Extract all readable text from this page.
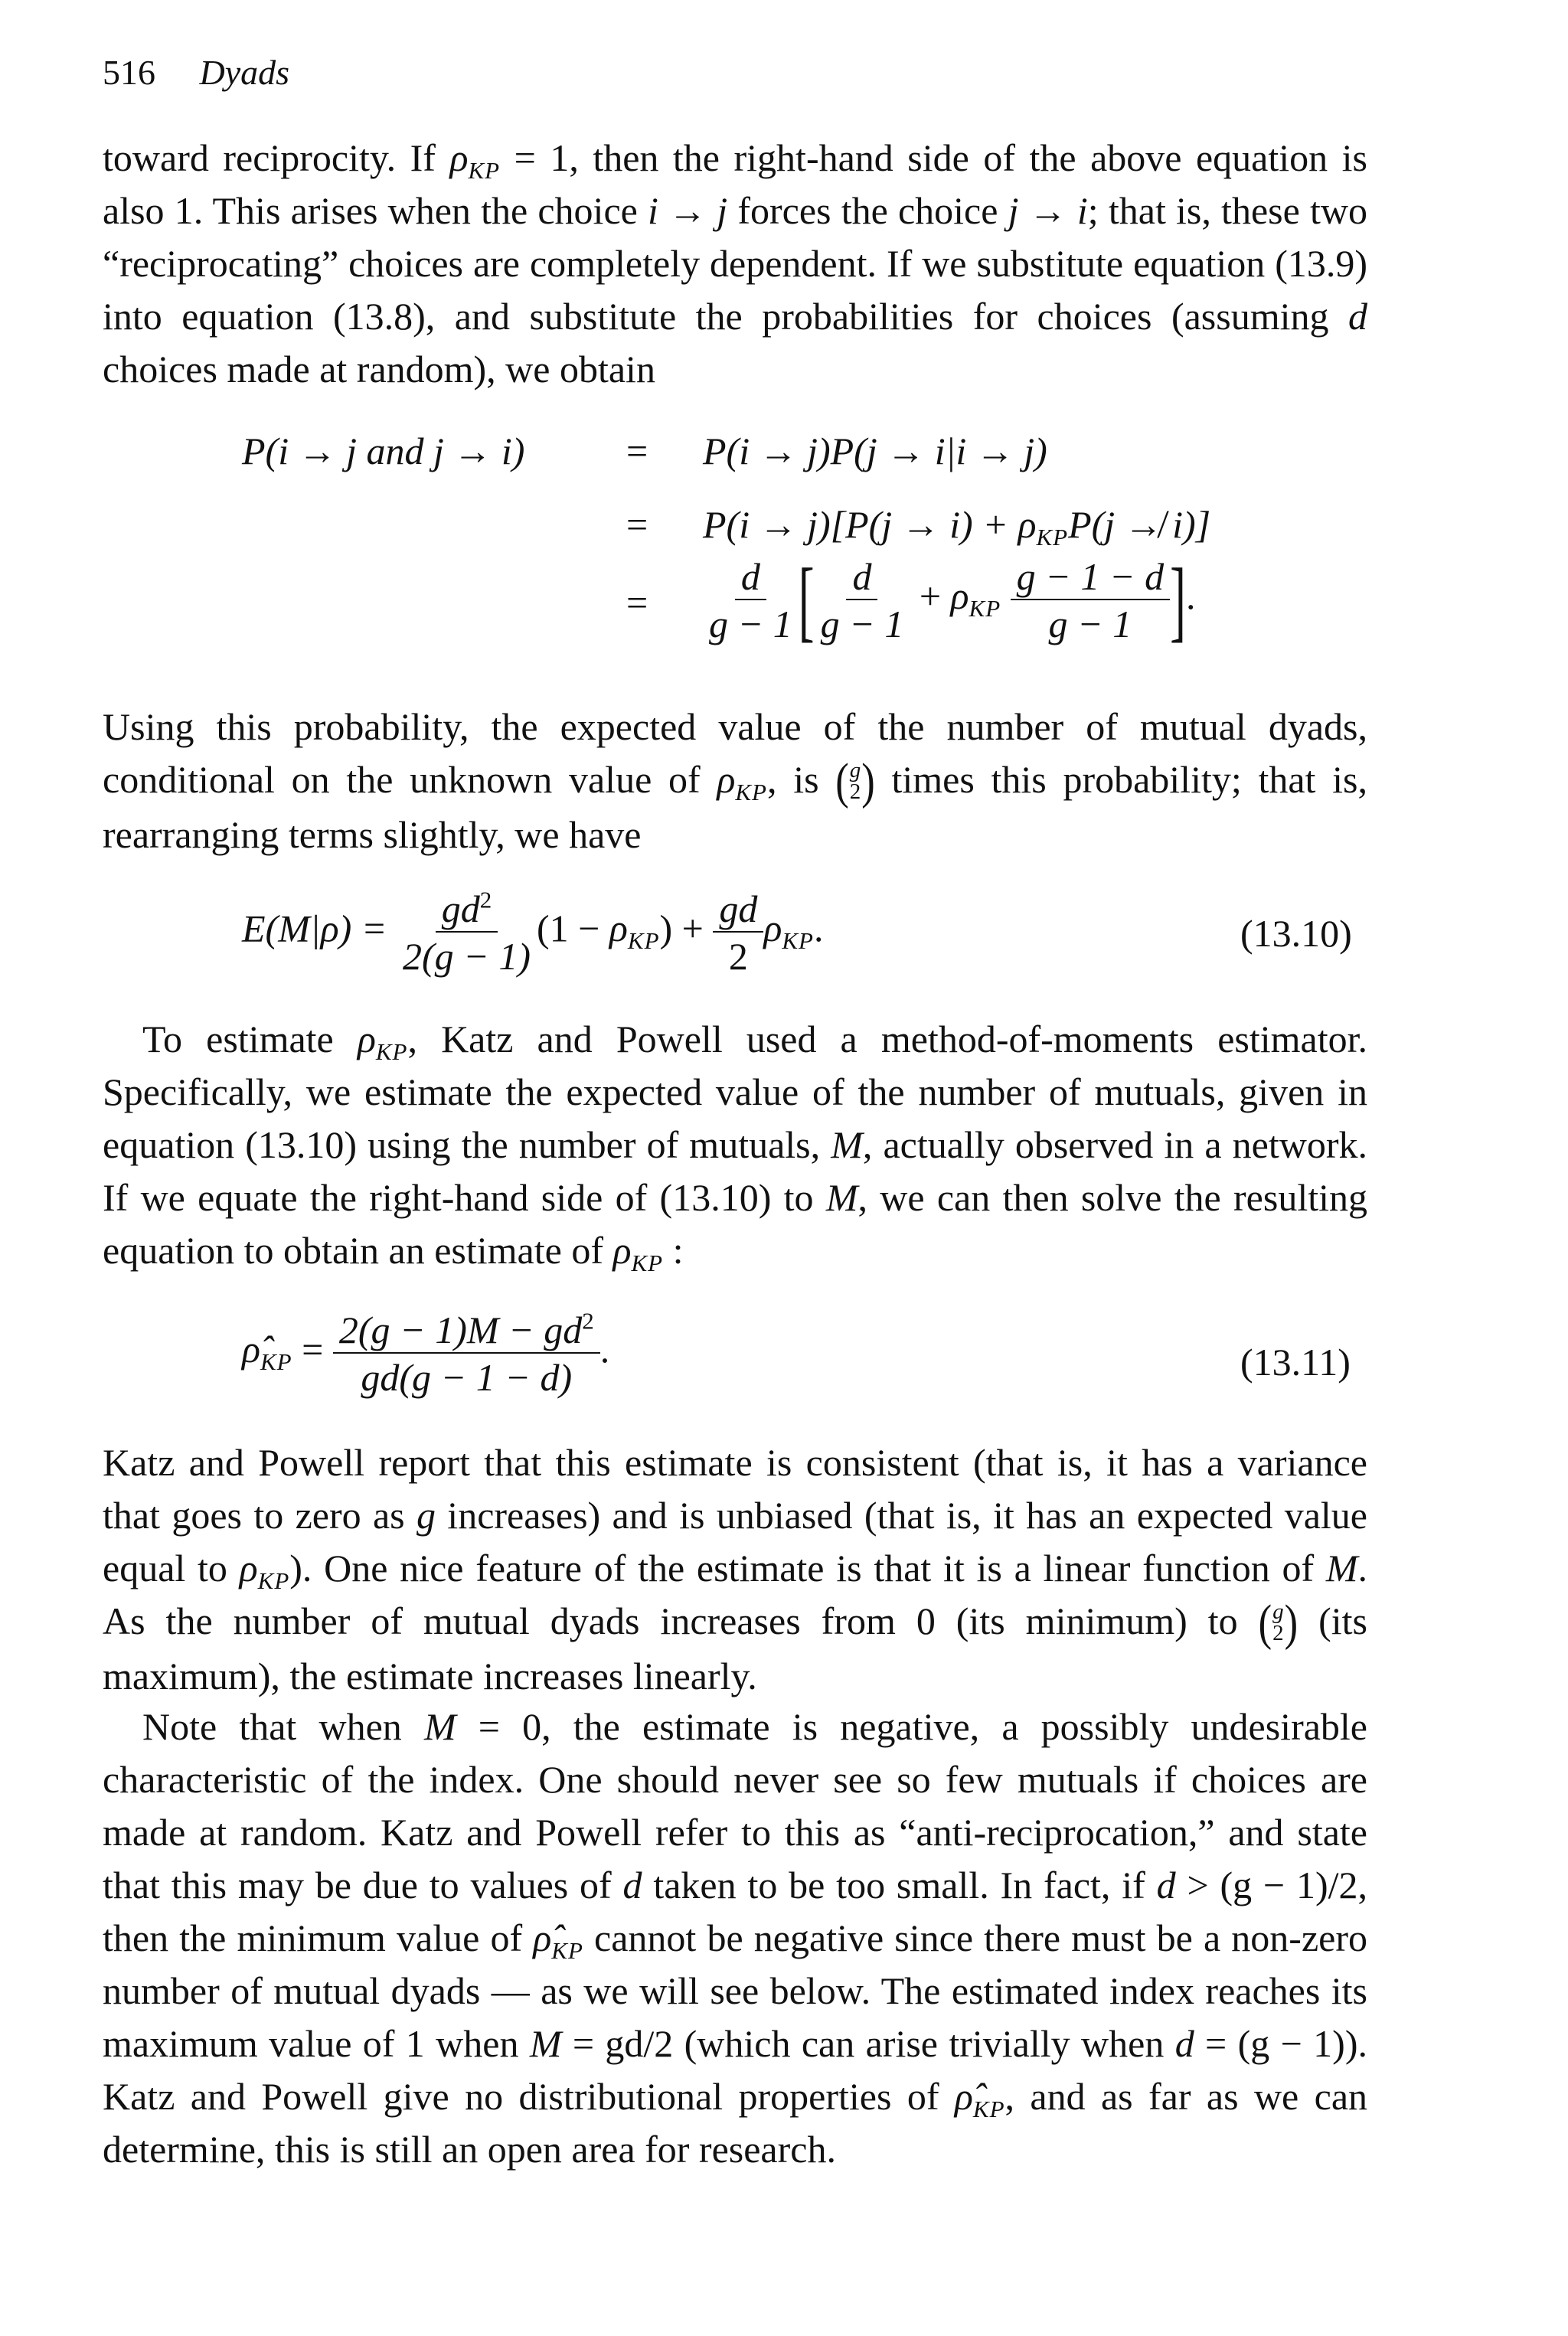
516 Dyads
toward reciprocity. If $\rho_{KP} = 1$, then the right-hand side of the above equation is also 1. This arises when the choice i → j forces the choice j → i; that is, these two “reciprocating” choices are completely dependent. If we substitute equation (13.9) into equation (13.8), and substitute the probabilities for choices (assuming d choices made at random), we obtain
P(i → j and j → i)	= P(i → j)P(j → i|i → j)
= $P(i \to j)[P(j \to i) + \rho_{KP}P(j$ ↛ i)]
= $\frac{d}{g - 1}$ [ $\frac{d}{g - 1} + \rho_{KP} \frac{g - 1 - d}{g - 1}$ ].
Using this probability, the expected value of the number of mutual dyads, conditional on the unknown value of $\rho_{KP}$, is ( g
2 ) times this probability; that is, rearranging terms slightly, we have
$E(M|\rho) = \frac{gd^2}{2(g - 1)} (1 - \rho_{KP}) + \frac{gd}{2} \rho_{KP}$.	(13.10)
To estimate $\rho_{KP}$, Katz and Powell used a method-of-moments estimator. Specifically, we estimate the expected value of the number of mutuals, given in equation (13.10) using the number of mutuals, M, actually observed in a network. If we equate the right-hand side of (13.10) to M, we can then solve the resulting equation to obtain an estimate of $\rho_{KP}$ :
$\rhô_{KP} = \frac{2(g - 1)M - gd^2}{gd(g - 1 - d)}$ .	(13.11)
Katz and Powell report that this estimate is consistent (that is, it has a variance that goes to zero as g increases) and is unbiased (that is, it has an expected value equal to $\rho_{KP}$). One nice feature of the estimate is that it is a linear function of M. As the number of mutual dyads increases from 0 (its minimum) to ( g
2 ) (its maximum), the estimate increases linearly.
Note that when M = 0, the estimate is negative, a possibly undesirable characteristic of the index. One should never see so few mutuals if choices are made at random. Katz and Powell refer to this as “anti-reciprocation,” and state that this may be due to values of d taken to be too small. In fact, if d > (g − 1)/2, then the minimum value of $\rhô_{KP}$ cannot be negative since there must be a non-zero number of mutual dyads — as we will see below. The estimated index reaches its maximum value of 1 when M = gd/2 (which can arise trivially when d = (g − 1)). Katz and Powell give no distributional properties of $\rhô_{KP}$, and as far as we can determine, this is still an open area for research.
